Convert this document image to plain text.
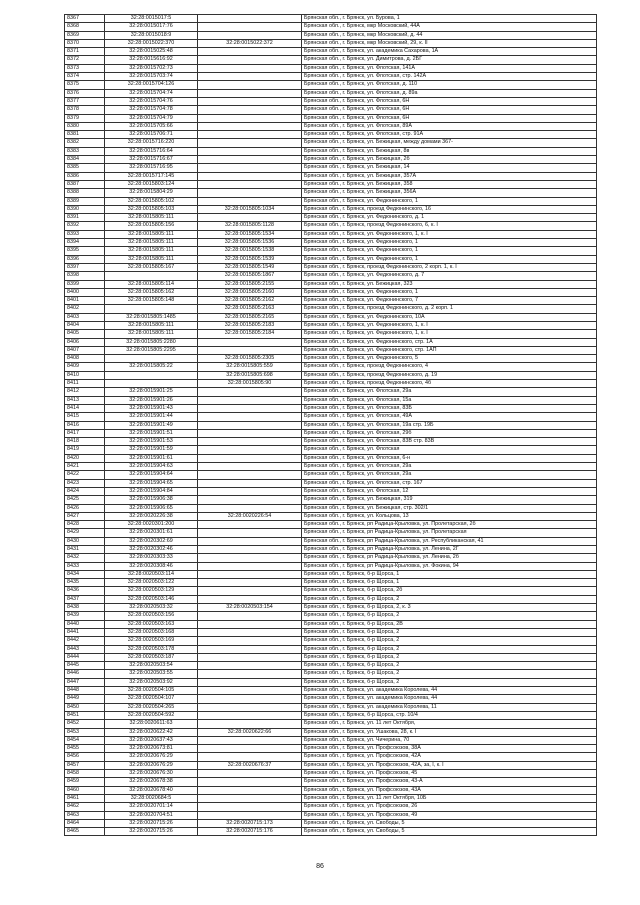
8367	32:28:0015017:5		Брянская обл., г. Брянск, ул. Бурова, 1
8368	32:28:0015017:76		Брянская обл., г. Брянск, мкр Московский, 44А
8369	32:28:0015018:9		Брянская обл., г. Брянск, мкр Московский, д. 44
8370	32:28:0015022:370	32:28:0015022:372	Брянская обл., г. Брянск, мкр Московский, 29, к. II
8371	32:28:0015025:48		Брянская обл., г. Брянск, ул. академика Сахарова, 1А
8372	32:28:0015616:92		Брянская обл., г. Брянск, ул. Димитрова, д. 2БГ
8373	32:28:0015702:73		Брянская обл., г. Брянск, ул. Флотская, 141А
8374	32:28:0015703:74		Брянская обл., г. Брянск, ул. Флотская, стр. 142А
8375	32:28:0015704:126		Брянская обл., г. Брянск, ул. Флотская, д. 110
8376	32:28:0015704:74		Брянская обл., г. Брянск, ул. Флотская, д. 89а
8377	32:28:0015704:76		Брянская обл., г. Брянск, ул. Флотская, 6Н
8378	32:28:0015704:78		Брянская обл., г. Брянск, ул. Флотская, 6Н
8379	32:28:0015704:79		Брянская обл., г. Брянск, ул. Флотская, 6Н
8380	32:28:0015705:66		Брянская обл., г. Брянск, ул. Флотская, 89А
8381	32:28:0015706:71		Брянская обл., г. Брянск, ул. Флотская, стр. 91А
8382	32:28:0015716:220		Брянская обл., г. Брянск, ул. Бежицкая, между домами 367-
8383	32:28:0015716:64		Брянская обл., г. Брянск, ул. Бежицкая, 8в
8384	32:28:0015716:67		Брянская обл., г. Брянск, ул. Бежицкая, 2б
8385	32:28:0015716:95		Брянская обл., г. Брянск, ул. Бежицкая, 14
8386	32:28:0015717:145		Брянская обл., г. Брянск, ул. Бежицкая, 357А
8387	32:28:0015803:124		Брянская обл., г. Брянск, ул. Бежицкая, 358
8388	32:28:0015804:29		Брянская обл., г. Брянск, ул. Бежицкая, 356А
8389	32:28:0015805:102		Брянская обл., г. Брянск, ул. Федюнинского, 1
8390	32:28:0015805:103	32:28:0015805:1034	Брянская обл., г. Брянск, проезд Федюнинского, 16
8391	32:28:0015805:111		Брянская обл., г. Брянск, ул. Федюнинского, д. 1
8392	32:28:0015805:156	32:28:0015805:1128	Брянская обл., г. Брянск, проезд Федюнинского, 6, к. I
8393	32:28:0015805:111	32:28:0015805:1534	Брянская обл., г. Брянск, ул. Федюнинского, 1, к. I
8394	32:28:0015805:111	32:28:0015805:1536	Брянская обл., г. Брянск, ул. Федюнинского, 1
8395	32:28:0015805:111	32:28:0015805:1538	Брянская обл., г. Брянск, ул. Федюнинского, 1
8396	32:28:0015805:111	32:28:0015805:1539	Брянская обл., г. Брянск, ул. Федюнинского, 1
8397	32:28:0015805:167	32:28:0015805:1549	Брянская обл., г. Брянск, проезд Федюнинского, 2 корп. 1, к. I
8398		32:28:0015805:1867	Брянская обл., г. Брянск, ул. Федюнинского, д. 7
8399	32:28:0015805:114	32:28:0015805:2155	Брянская обл., г. Брянск, ул. Бежицкая, 323
8400	32:28:0015805:162	32:28:0015805:2160	Брянская обл., г. Брянск, ул. Федюнинского, 1
8401	32:28:0015805:148	32:28:0015805:2162	Брянская обл., г. Брянск, ул. Федюнинского, 7
8402		32:28:0015805:2163	Брянская обл., г. Брянск, проезд Федюнинского, д. 2 корп. 1
8403	32:28:0015805:1485	32:28:0015805:2165	Брянская обл., г. Брянск, ул. Федюнинского, 10А
8404	32:28:0015805:111	32:28:0015805:2183	Брянская обл., г. Брянск, ул. Федюнинского, 1, к. I
8405	32:28:0015805:111	32:28:0015805:2184	Брянская обл., г. Брянск, ул. Федюнинского, 1, к. I
8406	32:28:0015805:2280		Брянская обл., г. Брянск, ул. Федюнинского, стр. 1А
8407	32:28:0015805:2295		Брянская обл., г. Брянск, ул. Федюнинского, стр. 1АП
8408		32:28:0015805:2305	Брянская обл., г. Брянск, ул. Федюнинского, 5
8409	32:28:0015805:22	32:28:0015805:559	Брянская обл., г. Брянск, проезд Федюнинского, 4
8410		32:28:0015805:698	Брянская обл., г. Брянск, проезд Федюнинского, д. 19
8411		32:28:0015805:90	Брянская обл., г. Брянск, проезд Федюнинского, 4б
8412	32:28:0015901:25		Брянская обл., г. Брянск, ул. Флотская, 29а
8413	32:28:0015901:26		Брянская обл., г. Брянск, ул. Флотская, 15а
8414	32:28:0015901:43		Брянская обл., г. Брянск, ул. Флотская, 83Б
8415	32:28:0015901:44		Брянская обл., г. Брянск, ул. Флотская, 49А
8416	32:28:0015901:49		Брянская обл., г. Брянск, ул. Флотская, 19а стр. 19Б
8417	32:28:0015901:51		Брянская обл., г. Брянск, ул. Флотская, 29б
8418	32:28:0015901:53		Брянская обл., г. Брянск, ул. Флотская, 83В стр. 83В
8419	32:28:0015901:59		Брянская обл., г. Брянск, ул. Флотская
8420	32:28:0015901:61		Брянская обл., г. Брянск, ул. Флотская, 6-н
8421	32:28:0015904:63		Брянская обл., г. Брянск, ул. Флотская, 29а
8422	32:28:0015904:64		Брянская обл., г. Брянск, ул. Флотская, 29а
8423	32:28:0015904:65		Брянская обл., г. Брянск, ул. Флотская, стр. 167
8424	32:28:0015904:84		Брянская обл., г. Брянск, ул. Флотская, 12
8425	32:28:0015906:38		Брянская обл., г. Брянск, ул. Бежицкая, 319
8426	32:28:0015906:65		Брянская обл., г. Брянск, ул. Бежицкая, стр. 302/1
8427	32:28:0020226:38	32:28:0020226:54	Брянская обл., г. Брянск, ул. Кольцова, 13
8428	32:28:0020301:200		Брянская обл., г. Брянск, рп Радица-Крыловка, ул. Пролетарская, 2б
8429	32:28:0020301:61		Брянская обл., г. Брянск, рп Радица-Крыловка, ул. Пролетарская
8430	32:28:0020302:69		Брянская обл., г. Брянск, рп Радица-Крыловка, ул. Республиканская, 41
8431	32:28:0020302:46		Брянская обл., г. Брянск, рп Радица-Крыловка, ул. Ленина, 2Г
8432	32:28:0020303:33		Брянская обл., г. Брянск, рп Радица-Крыловка, ул. Ленина, 2б
8433	32:28:0020308:46		Брянская обл., г. Брянск, рп Радица-Крыловка, ул. Фокина, 94
8434	32:28:0020503:114		Брянская обл., г. Брянск, б-р Щорса, 1
8435	32:28:0020503:122		Брянская обл., г. Брянск, б-р Щорса, 1
8436	32:28:0020503:129		Брянская обл., г. Брянск, б-р Щорса, 2б
8437	32:28:0020503:146		Брянская обл., г. Брянск, б-р Щорса, 2
8438	32:28:0020503:32	32:28:0020503:154	Брянская обл., г. Брянск, б-р Щорса, 2, к. 3
8439	32:28:0020503:156		Брянская обл., г. Брянск, б-р Щорса, 2
8440	32:28:0020503:163		Брянская обл., г. Брянск, б-р Щорса, 2В
8441	32:28:0020503:168		Брянская обл., г. Брянск, б-р Щорса, 2
8442	32:28:0020503:169		Брянская обл., г. Брянск, б-р Щорса, 2
8443	32:28:0020503:178		Брянская обл., г. Брянск, б-р Щорса, 2
8444	32:28:0020503:187		Брянская обл., г. Брянск, б-р Щорса, 2
8445	32:28:0020503:54		Брянская обл., г. Брянск, б-р Щорса, 2
8446	32:28:0020503:55		Брянская обл., г. Брянск, б-р Щорса, 2
8447	32:28:0020503:92		Брянская обл., г. Брянск, б-р Щорса, 2
8448	32:28:0020504:105		Брянская обл., г. Брянск, ул. академика Королева, 44
8449	32:28:0020504:107		Брянская обл., г. Брянск, ул. академика Королева, 44
8450	32:28:0020504:265		Брянская обл., г. Брянск, ул. академика Королева, 11
8451	32:28:0020504:592		Брянская обл., г. Брянск, б-р Щорса, стр. 10/4
8452	32:28:0020611:63		Брянская обл., г. Брянск, ул. 11 лет Октября,
8453	32:28:0020622:42	32:28:0020622:66	Брянская обл., г. Брянск, ул. Ушакова, 28, к. I
8454	32:28:0020637:43		Брянская обл., г. Брянск, ул. Чичерина, 70
8455	32:28:0020673:81		Брянская обл., г. Брянск, ул. Профсоюзов, 38А
8456	32:28:0020676:29		Брянская обл., г. Брянск, ул. Профсоюзов, 42А
8457	32:28:0020676:29	32:28:0020676:37	Брянская обл., г. Брянск, ул. Профсоюзов, 42А, за, I, к. I
8458	32:28:0020676:30		Брянская обл., г. Брянск, ул. Профсоюзов, 45
8459	32:28:0020678:38		Брянская обл., г. Брянск, ул. Профсоюзов, 43-А
8460	32:28:0020678:40		Брянская обл., г. Брянск, ул. Профсоюзов, 43А
8461	32:28:0020684:5		Брянская обл., г. Брянск, ул. 11 лет Октября, 10Б
8462	32:28:0020701:14		Брянская обл., г. Брянск, ул. Профсоюзов, 26
8463	32:28:0020704:51		Брянская обл., г. Брянск, ул. Профсоюзов, 49
8464	32:28:0020715:26	32:28:0020715:173	Брянская обл., г. Брянск, ул. Свободы, 5
8465	32:28:0020715:26	32:28:0020715:176	Брянская обл., г. Брянск, ул. Свободы, 5
86
